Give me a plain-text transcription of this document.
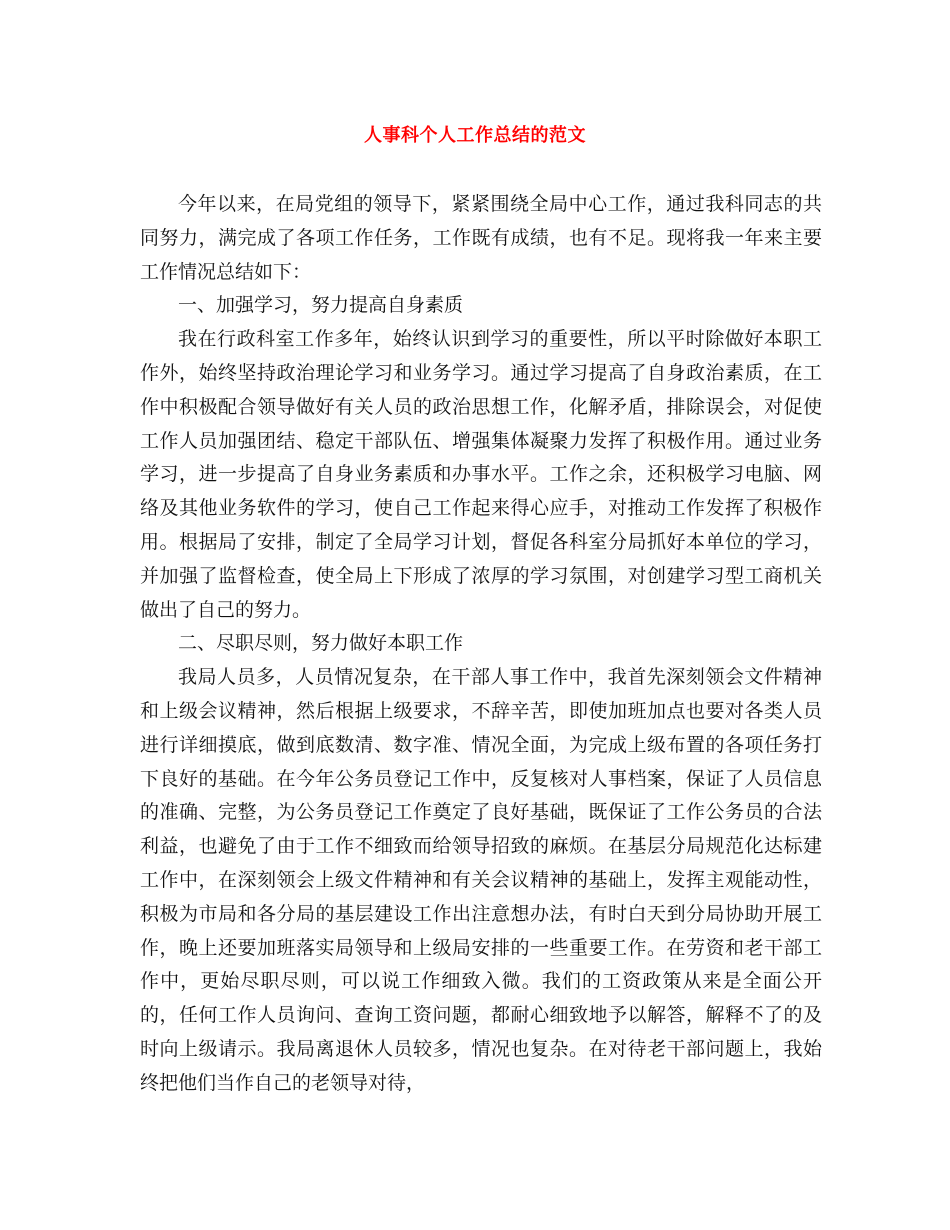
人事科个人工作总结的范文

今年以来，在局党组的领导下，紧紧围绕全局中心工作，通过我科同志的共同努力，满完成了各项工作任务，工作既有成绩，也有不足。现将我一年来主要工作情况总结如下：

一、加强学习，努力提高自身素质

我在行政科室工作多年，始终认识到学习的重要性，所以平时除做好本职工作外，始终坚持政治理论学习和业务学习。通过学习提高了自身政治素质，在工作中积极配合领导做好有关人员的政治思想工作，化解矛盾，排除误会，对促使工作人员加强团结、稳定干部队伍、增强集体凝聚力发挥了积极作用。通过业务学习，进一步提高了自身业务素质和办事水平。工作之余，还积极学习电脑、网络及其他业务软件的学习，使自己工作起来得心应手，对推动工作发挥了积极作用。根据局了安排，制定了全局学习计划，督促各科室分局抓好本单位的学习，并加强了监督检查，使全局上下形成了浓厚的学习氛围，对创建学习型工商机关做出了自己的努力。

二、尽职尽则，努力做好本职工作

我局人员多，人员情况复杂，在干部人事工作中，我首先深刻领会文件精神和上级会议精神，然后根据上级要求，不辞辛苦，即使加班加点也要对各类人员进行详细摸底，做到底数清、数字准、情况全面，为完成上级布置的各项任务打下良好的基础。在今年公务员登记工作中，反复核对人事档案，保证了人员信息的准确、完整，为公务员登记工作奠定了良好基础，既保证了工作公务员的合法利益，也避免了由于工作不细致而给领导招致的麻烦。在基层分局规范化达标建工作中，在深刻领会上级文件精神和有关会议精神的基础上，发挥主观能动性，积极为市局和各分局的基层建设工作出注意想办法，有时白天到分局协助开展工作，晚上还要加班落实局领导和上级局安排的一些重要工作。在劳资和老干部工作中，更始尽职尽则，可以说工作细致入微。我们的工资政策从来是全面公开的，任何工作人员询问、查询工资问题，都耐心细致地予以解答，解释不了的及时向上级请示。我局离退休人员较多，情况也复杂。在对待老干部问题上，我始终把他们当作自己的老领导对待，
